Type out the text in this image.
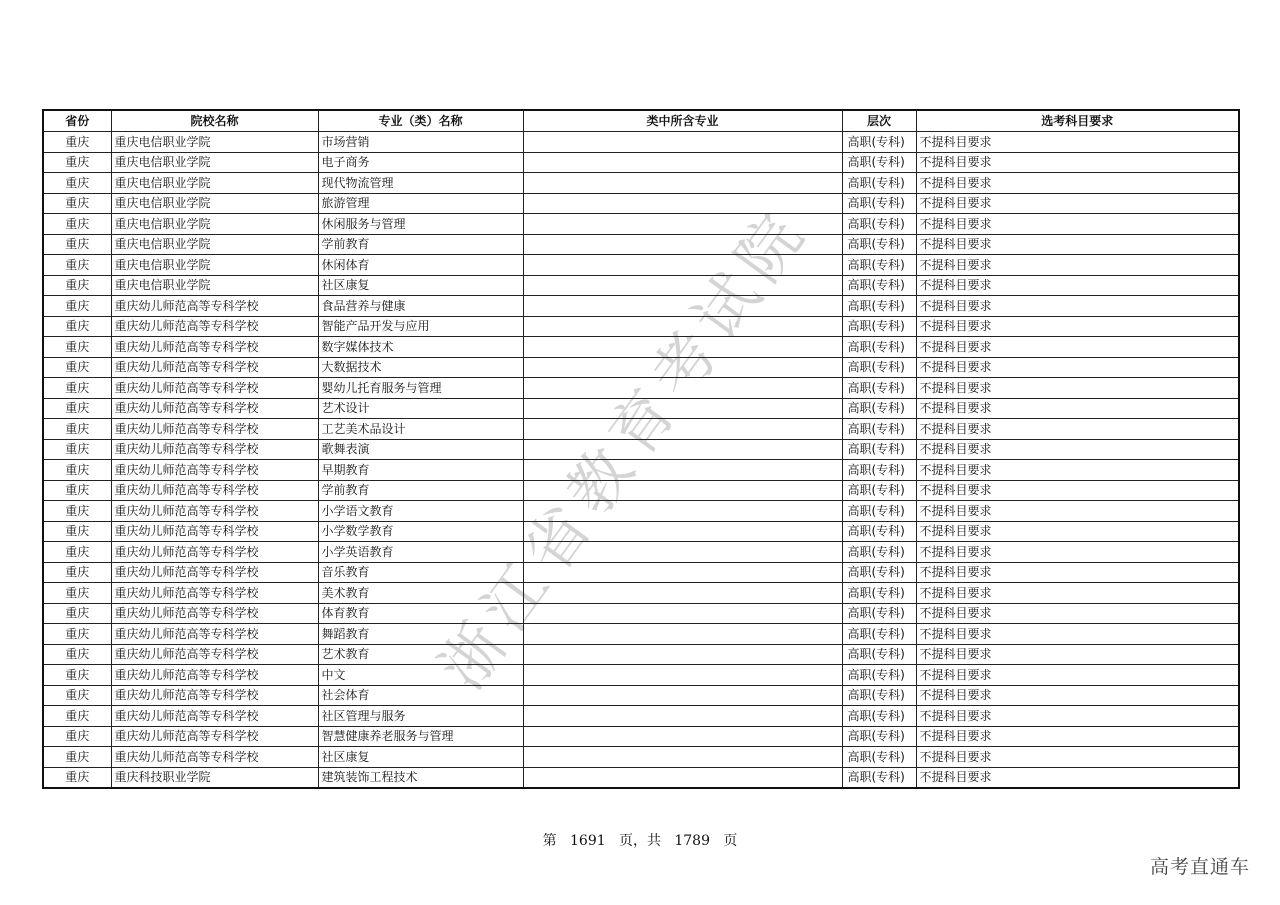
浙江省教育考试院
省份	院校名称	专业（类）名称	类中所含专业	层次	选考科目要求
重庆	重庆电信职业学院	市场营销		高职(专科)	不提科目要求
重庆	重庆电信职业学院	电子商务		高职(专科)	不提科目要求
重庆	重庆电信职业学院	现代物流管理		高职(专科)	不提科目要求
重庆	重庆电信职业学院	旅游管理		高职(专科)	不提科目要求
重庆	重庆电信职业学院	休闲服务与管理		高职(专科)	不提科目要求
重庆	重庆电信职业学院	学前教育		高职(专科)	不提科目要求
重庆	重庆电信职业学院	休闲体育		高职(专科)	不提科目要求
重庆	重庆电信职业学院	社区康复		高职(专科)	不提科目要求
重庆	重庆幼儿师范高等专科学校	食品营养与健康		高职(专科)	不提科目要求
重庆	重庆幼儿师范高等专科学校	智能产品开发与应用		高职(专科)	不提科目要求
重庆	重庆幼儿师范高等专科学校	数字媒体技术		高职(专科)	不提科目要求
重庆	重庆幼儿师范高等专科学校	大数据技术		高职(专科)	不提科目要求
重庆	重庆幼儿师范高等专科学校	婴幼儿托育服务与管理		高职(专科)	不提科目要求
重庆	重庆幼儿师范高等专科学校	艺术设计		高职(专科)	不提科目要求
重庆	重庆幼儿师范高等专科学校	工艺美术品设计		高职(专科)	不提科目要求
重庆	重庆幼儿师范高等专科学校	歌舞表演		高职(专科)	不提科目要求
重庆	重庆幼儿师范高等专科学校	早期教育		高职(专科)	不提科目要求
重庆	重庆幼儿师范高等专科学校	学前教育		高职(专科)	不提科目要求
重庆	重庆幼儿师范高等专科学校	小学语文教育		高职(专科)	不提科目要求
重庆	重庆幼儿师范高等专科学校	小学数学教育		高职(专科)	不提科目要求
重庆	重庆幼儿师范高等专科学校	小学英语教育		高职(专科)	不提科目要求
重庆	重庆幼儿师范高等专科学校	音乐教育		高职(专科)	不提科目要求
重庆	重庆幼儿师范高等专科学校	美术教育		高职(专科)	不提科目要求
重庆	重庆幼儿师范高等专科学校	体育教育		高职(专科)	不提科目要求
重庆	重庆幼儿师范高等专科学校	舞蹈教育		高职(专科)	不提科目要求
重庆	重庆幼儿师范高等专科学校	艺术教育		高职(专科)	不提科目要求
重庆	重庆幼儿师范高等专科学校	中文		高职(专科)	不提科目要求
重庆	重庆幼儿师范高等专科学校	社会体育		高职(专科)	不提科目要求
重庆	重庆幼儿师范高等专科学校	社区管理与服务		高职(专科)	不提科目要求
重庆	重庆幼儿师范高等专科学校	智慧健康养老服务与管理		高职(专科)	不提科目要求
重庆	重庆幼儿师范高等专科学校	社区康复		高职(专科)	不提科目要求
重庆	重庆科技职业学院	建筑装饰工程技术		高职(专科)	不提科目要求
第 1691 页，共 1789 页
高考直通车
